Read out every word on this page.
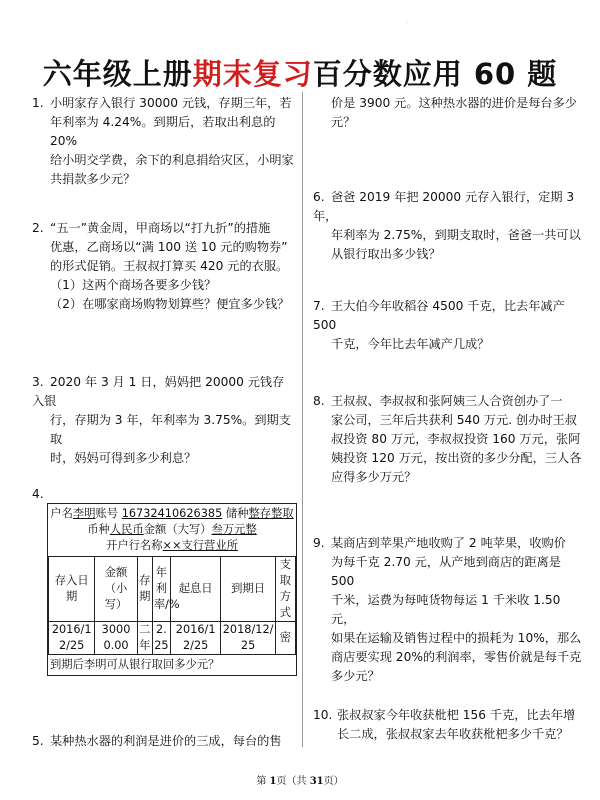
·
六年级上册期末复习百分数应用 60 题

1. 小明家存入银行 30000 元钱，存期三年，若

年利率为 4.24%。到期后，若取出利息的 20%

给小明交学费，余下的利息捐给灾区，小明家

共捐款多少元？

2. “五一”黄金周，甲商场以“打九折”的措施

优惠，乙商场以“满 100 送 10 元的购物券”

的形式促销。王叔叔打算买 420 元的衣服。

（1）这两个商场各要多少钱？

（2）在哪家商场购物划算些？便宜多少钱？

3. 2020 年 3 月 1 日，妈妈把 20000 元钱存入银

行，存期为 3 年，年利率为 3.75%。到期支取

时，妈妈可得到多少利息？

4.

户名李明账号 16732410626385 储种整存整取
币种人民币金额（大写）叁万元整
开户行名称××支行营业所
存入日期	金额（小写）	存期	年利率/%	起息日	到期日	支取方式
2016/12/25	30000.00	二年	2.25	2016/12/25	2018/12/25	密
到期后李明可从银行取回多少元？

5. 某种热水器的利润是进价的三成，每台的售

价是 3900 元。这种热水器的进价是每台多少

元？

6. 爸爸 2019 年把 20000 元存入银行，定期 3 年，

年利率为 2.75%，到期支取时，爸爸一共可以

从银行取出多少钱？

7. 王大伯今年收稻谷 4500 千克，比去年减产 500

千克，今年比去年减产几成？

8. 王叔叔、李叔叔和张阿姨三人合资创办了一

家公司，三年后共获利 540 万元. 创办时王叔

叔投资 80 万元，李叔叔投资 160 万元，张阿

姨投资 120 万元，按出资的多少分配，三人各

应得多少万元？

9. 某商店到苹果产地收购了 2 吨苹果，收购价

为每千克 2.70 元，从产地到商店的距离是 500

千米，运费为每吨货物每运 1 千米收 1.50 元，

如果在运输及销售过程中的损耗为 10%，那么

商店要实现 20%的利润率，零售价就是每千克

多少元？

10. 张叔叔家今年收获枇杷 156 千克，比去年增

长二成，张叔叔家去年收获枇杷多少千克？

第 1页（共 31页）
